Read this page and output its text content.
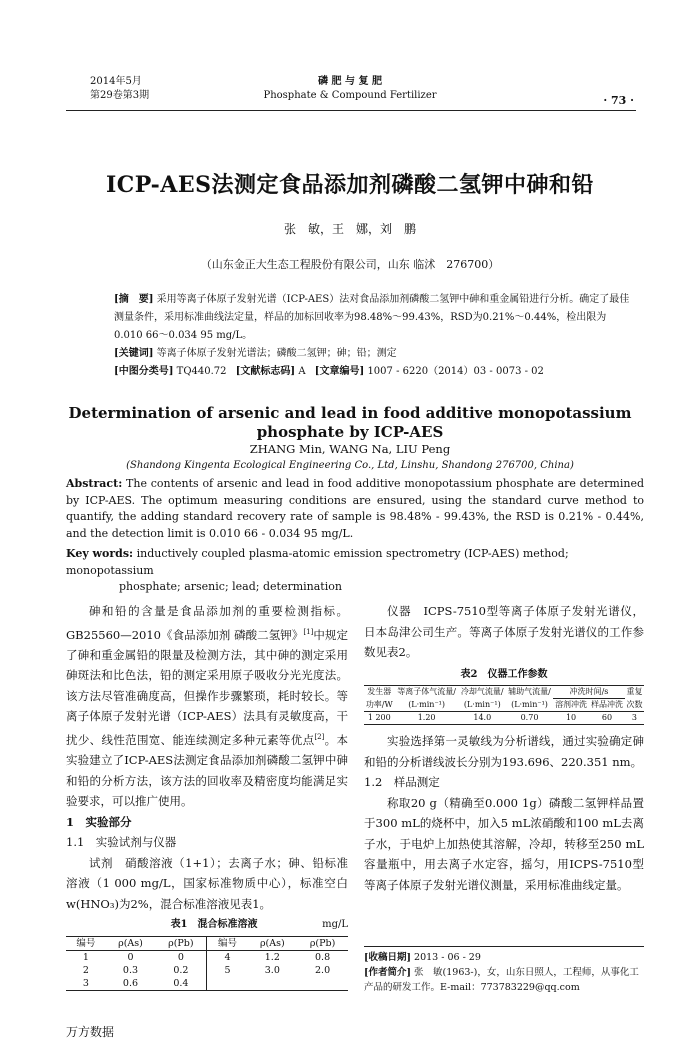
2014年5月
第29卷第3期
磷 肥 与 复 肥
Phosphate & Compound Fertilizer	· 73 ·
ICP-AES法测定食品添加剂磷酸二氢钾中砷和铅
张　敏，王　娜，刘　鹏
（山东金正大生态工程股份有限公司，山东 临沭　276700）

[摘　要] 采用等离子体原子发射光谱（ICP-AES）法对食品添加剂磷酸二氢钾中砷和重金属铅进行分析。确定了最佳测量条件，采用标准曲线法定量，样品的加标回收率为98.48%～99.43%，RSD为0.21%～0.44%，检出限为0.010 66～0.034 95 mg/L。

[关键词] 等离子体原子发射光谱法；磷酸二氢钾；砷；铅；测定

[中图分类号] TQ440.72 [文献标志码] A [文章编号] 1007 - 6220（2014）03 - 0073 - 02

Determination of arsenic and lead in food additive monopotassium phosphate by ICP-AES
ZHANG Min, WANG Na, LIU Peng
(Shandong Kingenta Ecological Engineering Co., Ltd, Linshu, Shandong 276700, China)

Abstract: The contents of arsenic and lead in food additive monopotassium phosphate are determined by ICP-AES. The optimum measuring conditions are ensured, using the standard curve method to quantify, the adding standard recovery rate of sample is 98.48% - 99.43%, the RSD is 0.21% - 0.44%, and the detection limit is 0.010 66 - 0.034 95 mg/L.

Key words: inductively coupled plasma-atomic emission spectrometry (ICP-AES) method; monopotassium
phosphate; arsenic; lead; determination

砷和铅的含量是食品添加剂的重要检测指标。GB25560—2010《食品添加剂 磷酸二氢钾》[1]中规定了砷和重金属铅的限量及检测方法，其中砷的测定采用砷斑法和比色法，铅的测定采用原子吸收分光光度法。该方法尽管准确度高，但操作步骤繁琐，耗时较长。等离子体原子发射光谱（ICP-AES）法具有灵敏度高，干扰少、线性范围宽、能连续测定多种元素等优点[2]。本实验建立了ICP-AES法测定食品添加剂磷酸二氢钾中砷和铅的分析方法，该方法的回收率及精密度均能满足实验要求，可以推广使用。

1　实验部分

1.1　实验试剂与仪器

试剂　硝酸溶液（1+1）；去离子水；砷、铅标准溶液（1 000 mg/L，国家标准物质中心），标准空白w(HNO₃)为2%，混合标准溶液见表1。

表1　混合标准溶液	mg/L
编号	ρ(As)	ρ(Pb)	编号	ρ(As)	ρ(Pb)
1	0	0	4	1.2	0.8
2	0.3	0.2	5	3.0	2.0
3	0.6	0.4			

仪器　ICPS-7510型等离子体原子发射光谱仪，日本岛津公司生产。等离子体原子发射光谱仪的工作参数见表2。

表2　仪器工作参数
发生器	等离子体气流量/	冷却气流量/	辅助气流量/	冲洗时间/s		重复
功率/W	(L·min⁻¹)	(L·min⁻¹)	(L·min⁻¹)	溶剂冲洗	样品冲洗	次数
1 200	1.20	14.0	0.70	10	60	3

实验选择第一灵敏线为分析谱线，通过实验确定砷和铅的分析谱线波长分别为193.696、220.351 nm。

1.2　样品测定

称取20 g（精确至0.000 1g）磷酸二氢钾样品置于300 mL的烧杯中，加入5 mL浓硝酸和100 mL去离子水，于电炉上加热使其溶解，冷却，转移至250 mL容量瓶中，用去离子水定容，摇匀，用ICPS-7510型等离子体原子发射光谱仪测量，采用标准曲线定量。

[收稿日期] 2013 - 06 - 29

[作者简介] 张　敏(1963-)，女，山东日照人，工程师，从事化工产品的研发工作。E-mail：773783229@qq.com

万方数据
